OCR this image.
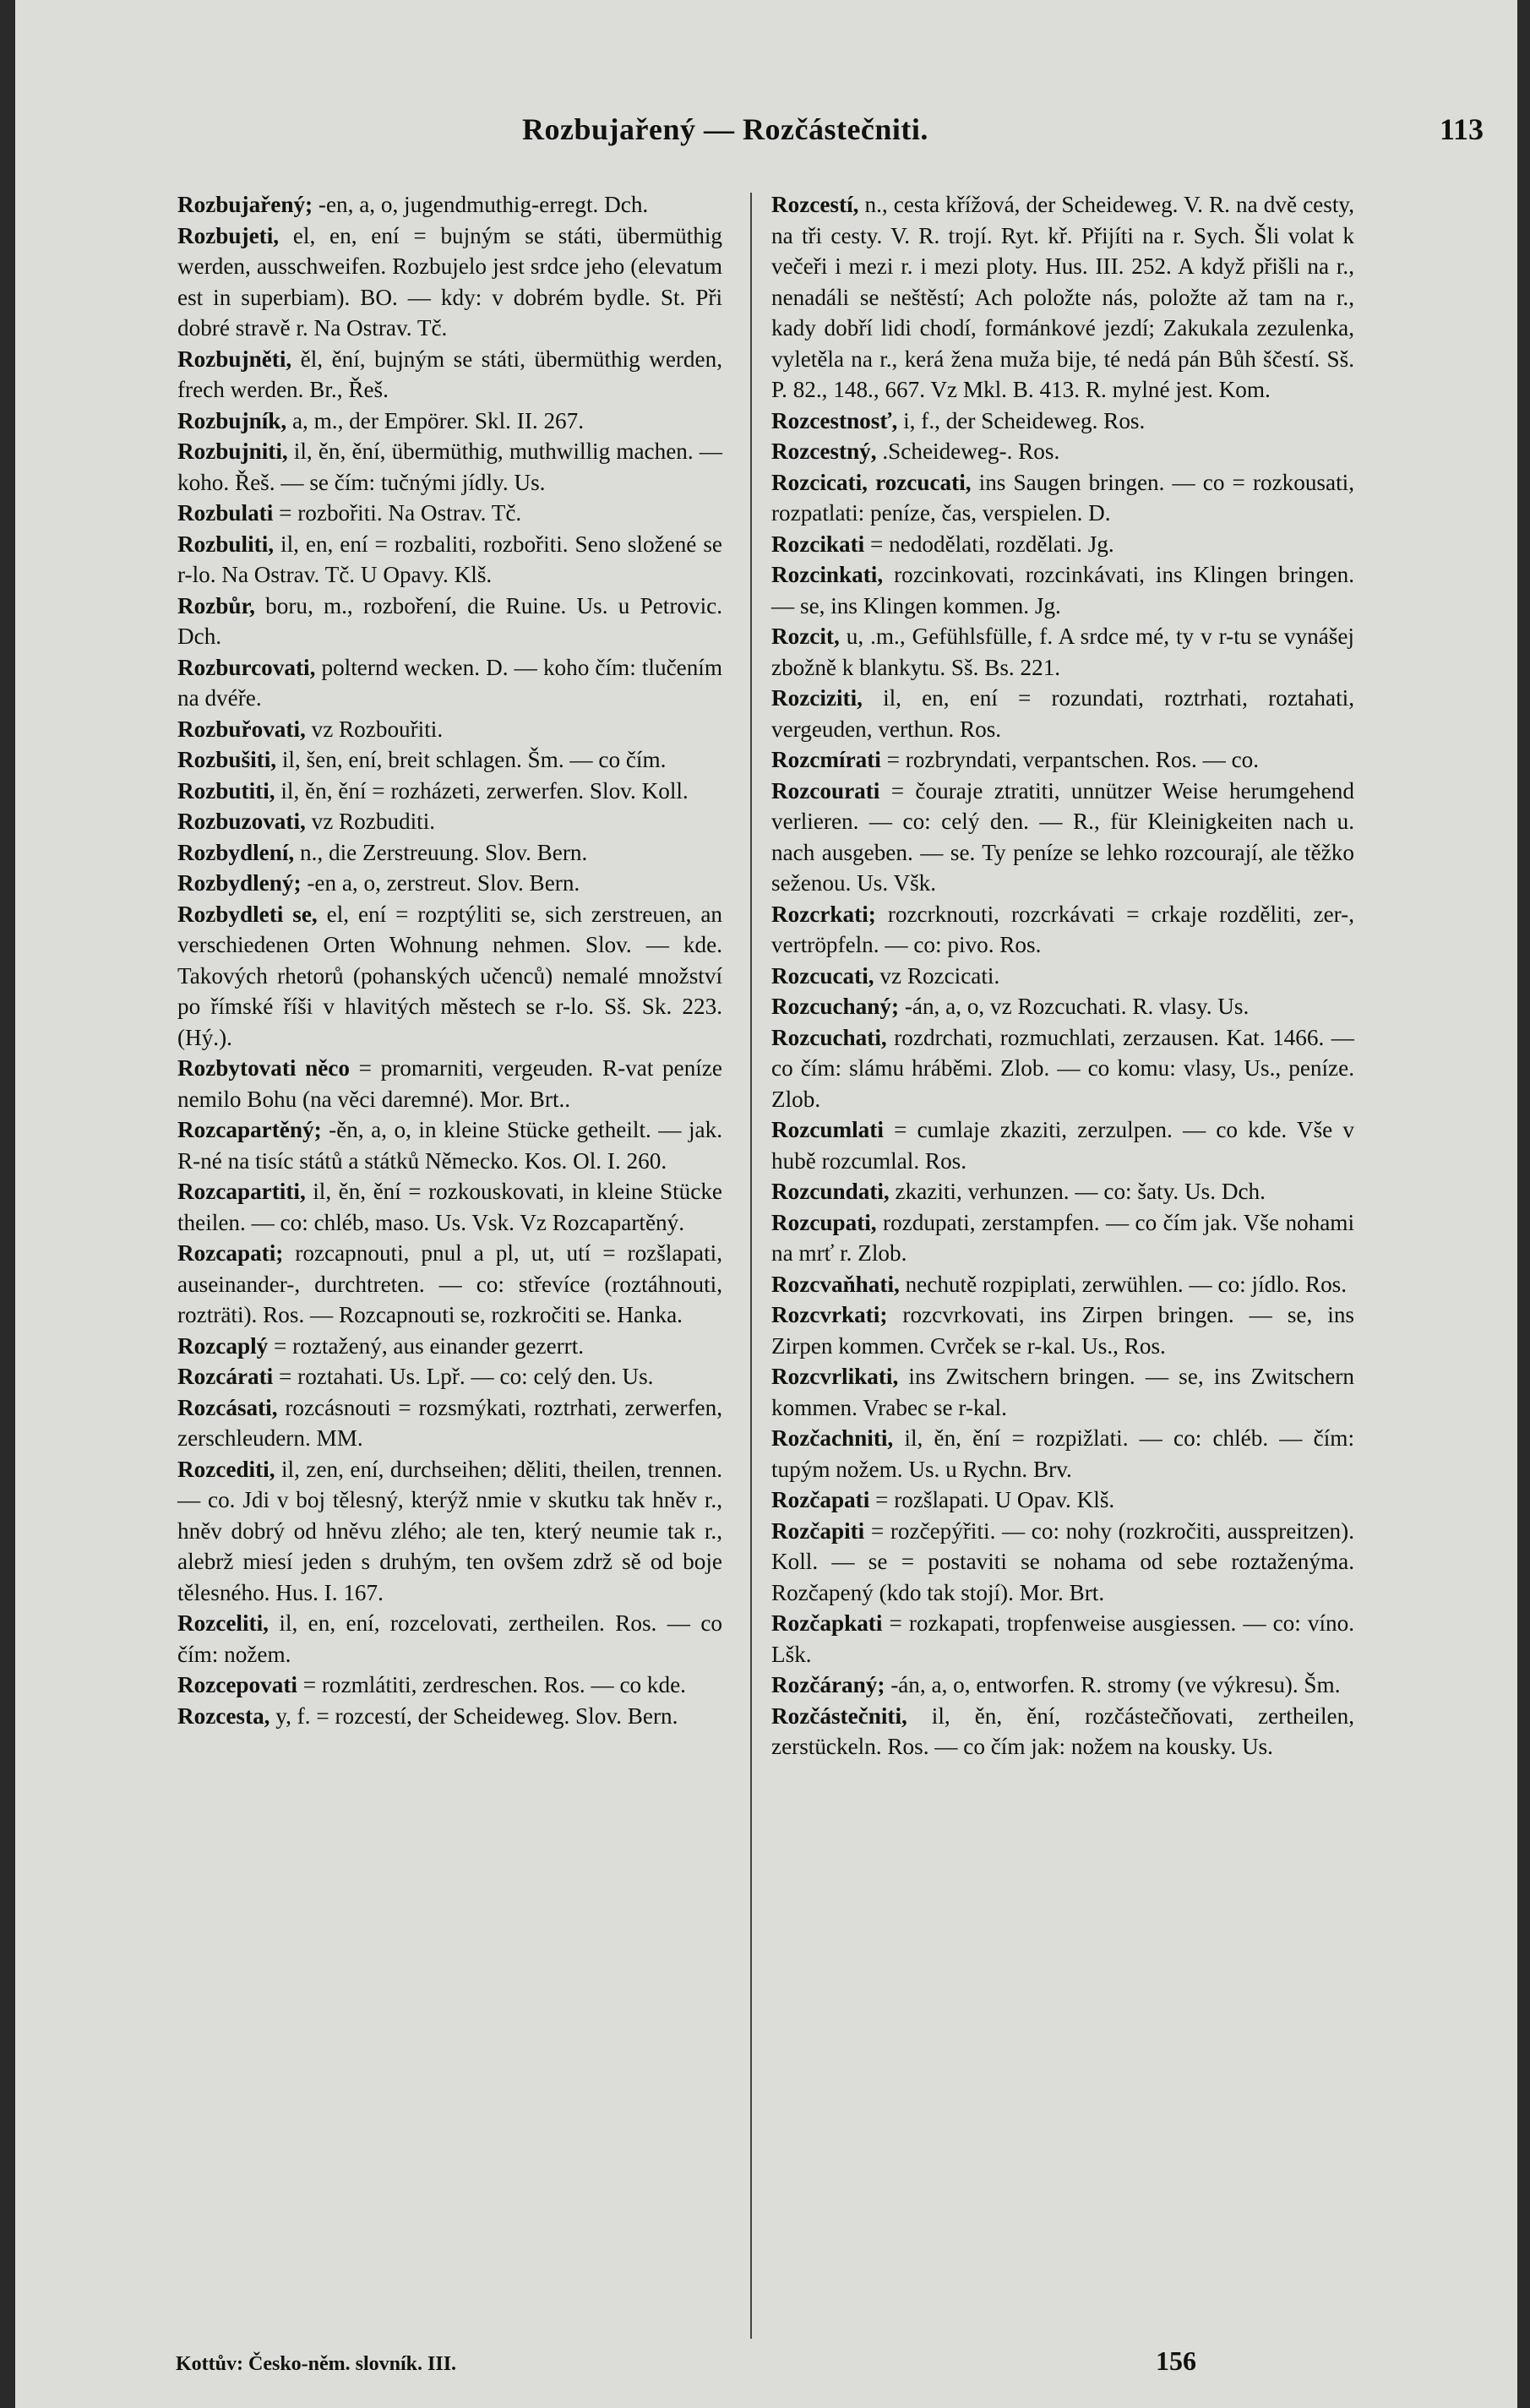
Rozbujařený — Rozčástečniti.	113

Rozbujařený; -en, a, o, jugendmuthig-erregt. Dch.

Rozbujeti, el, en, ení = bujným se státi, übermüthig werden, ausschweifen. Rozbujelo jest srdce jeho (elevatum est in superbiam). BO. — kdy: v dobrém bydle. St. Při dobré stravě r. Na Ostrav. Tč.

Rozbujněti, ěl, ění, bujným se státi, übermüthig werden, frech werden. Br., Řeš.

Rozbujník, a, m., der Empörer. Skl. II. 267.

Rozbujniti, il, ěn, ění, übermüthig, muthwillig machen. — koho. Řeš. — se čím: tučnými jídly. Us.

Rozbulati = rozbořiti. Na Ostrav. Tč.

Rozbuliti, il, en, ení = rozbaliti, rozbořiti. Seno složené se r-lo. Na Ostrav. Tč. U Opavy. Klš.

Rozbůr, boru, m., rozboření, die Ruine. Us. u Petrovic. Dch.

Rozburcovati, polternd wecken. D. — koho čím: tlučením na dvéře.

Rozbuřovati, vz Rozbouřiti.

Rozbušiti, il, šen, ení, breit schlagen. Šm. — co čím.

Rozbutiti, il, ěn, ění = rozházeti, zerwerfen. Slov. Koll.

Rozbuzovati, vz Rozbuditi.

Rozbydlení, n., die Zerstreuung. Slov. Bern.

Rozbydlený; -en a, o, zerstreut. Slov. Bern.

Rozbydleti se, el, ení = rozptýliti se, sich zerstreuen, an verschiedenen Orten Wohnung nehmen. Slov. — kde. Takových rhetorů (pohanských učenců) nemalé množství po římské říši v hlavitých městech se r-lo. Sš. Sk. 223. (Hý.).

Rozbytovati něco = promarniti, vergeuden. R-vat peníze nemilo Bohu (na věci daremné). Mor. Brt..

Rozcapartěný; -ěn, a, o, in kleine Stücke getheilt. — jak. R-né na tisíc států a státků Německo. Kos. Ol. I. 260.

Rozcapartiti, il, ěn, ění = rozkouskovati, in kleine Stücke theilen. — co: chléb, maso. Us. Vsk. Vz Rozcapartěný.

Rozcapati; rozcapnouti, pnul a pl, ut, utí = rozšlapati, auseinander-, durchtreten. — co: střevíce (roztáhnouti, rozträti). Ros. — Rozcapnouti se, rozkročiti se. Hanka.

Rozcaplý = roztažený, aus einander gezerrt.

Rozcárati = roztahati. Us. Lpř. — co: celý den. Us.

Rozcásati, rozcásnouti = rozsmýkati, roztrhati, zerwerfen, zerschleudern. MM.

Rozcediti, il, zen, ení, durchseihen; děliti, theilen, trennen. — co. Jdi v boj tělesný, kterýž nmie v skutku tak hněv r., hněv dobrý od hněvu zlého; ale ten, který neumie tak r., alebrž miesí jeden s druhým, ten ovšem zdrž sě od boje tělesného. Hus. I. 167.

Rozceliti, il, en, ení, rozcelovati, zertheilen. Ros. — co čím: nožem.

Rozcepovati = rozmlátiti, zerdreschen. Ros. — co kde.

Rozcesta, y, f. = rozcestí, der Scheideweg. Slov. Bern.

Rozcestí, n., cesta křížová, der Scheideweg. V. R. na dvě cesty, na tři cesty. V. R. trojí. Ryt. kř. Přijíti na r. Sych. Šli volat k večeři i mezi r. i mezi ploty. Hus. III. 252. A když přišli na r., nenadáli se neštěstí; Ach položte nás, položte až tam na r., kady dobří lidi chodí, formánkové jezdí; Zakukala zezulenka, vyletěla na r., kerá žena muža bije, té nedá pán Bůh ščestí. Sš. P. 82., 148., 667. Vz Mkl. B. 413. R. mylné jest. Kom.

Rozcestnosť, i, f., der Scheideweg. Ros.

Rozcestný, .Scheideweg-. Ros.

Rozcicati, rozcucati, ins Saugen bringen. — co = rozkousati, rozpatlati: peníze, čas, verspielen. D.

Rozcikati = nedodělati, rozdělati. Jg.

Rozcinkati, rozcinkovati, rozcinkávati, ins Klingen bringen. — se, ins Klingen kommen. Jg.

Rozcit, u, .m., Gefühlsfülle, f. A srdce mé, ty v r-tu se vynášej zbožně k blankytu. Sš. Bs. 221.

Rozciziti, il, en, ení = rozundati, roztrhati, roztahati, vergeuden, verthun. Ros.

Rozcmírati = rozbryndati, verpantschen. Ros. — co.

Rozcourati = čouraje ztratiti, unnützer Weise herumgehend verlieren. — co: celý den. — R., für Kleinigkeiten nach u. nach ausgeben. — se. Ty peníze se lehko rozcourají, ale těžko seženou. Us. Všk.

Rozcrkati; rozcrknouti, rozcrkávati = crkaje rozděliti, zer-, vertröpfeln. — co: pivo. Ros.

Rozcucati, vz Rozcicati.

Rozcuchaný; -án, a, o, vz Rozcuchati. R. vlasy. Us.

Rozcuchati, rozdrchati, rozmuchlati, zerzausen. Kat. 1466. — co čím: slámu hráběmi. Zlob. — co komu: vlasy, Us., peníze. Zlob.

Rozcumlati = cumlaje zkaziti, zerzulpen. — co kde. Vše v hubě rozcumlal. Ros.

Rozcundati, zkaziti, verhunzen. — co: šaty. Us. Dch.

Rozcupati, rozdupati, zerstampfen. — co čím jak. Vše nohami na mrť r. Zlob.

Rozcvaňhati, nechutě rozpiplati, zerwühlen. — co: jídlo. Ros.

Rozcvrkati; rozcvrkovati, ins Zirpen bringen. — se, ins Zirpen kommen. Cvrček se r-kal. Us., Ros.

Rozcvrlikati, ins Zwitschern bringen. — se, ins Zwitschern kommen. Vrabec se r-kal.

Rozčachniti, il, ěn, ění = rozpižlati. — co: chléb. — čím: tupým nožem. Us. u Rychn. Brv.

Rozčapati = rozšlapati. U Opav. Klš.

Rozčapiti = rozčepýřiti. — co: nohy (rozkročiti, ausspreitzen). Koll. — se = postaviti se nohama od sebe roztaženýma. Rozčapený (kdo tak stojí). Mor. Brt.

Rozčapkati = rozkapati, tropfenweise ausgiessen. — co: víno. Lšk.

Rozčáraný; -án, a, o, entworfen. R. stromy (ve výkresu). Šm.

Rozčástečniti, il, ěn, ění, rozčástečňovati, zertheilen, zerstückeln. Ros. — co čím jak: nožem na kousky. Us.

Kottův: Česko-něm. slovník. III.	156
